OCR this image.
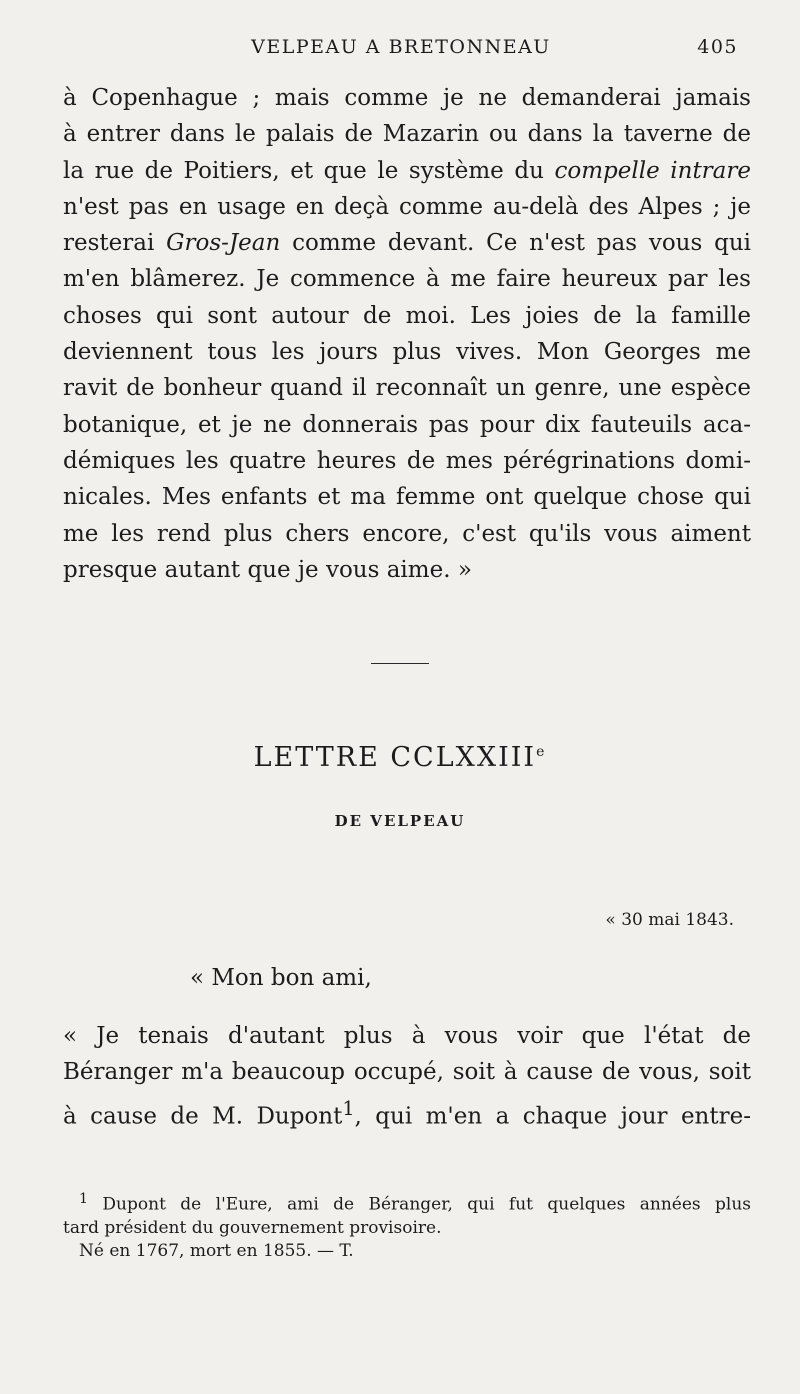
VELPEAU A BRETONNEAU	405
à Copenhague ; mais comme je ne demanderai jamais
à entrer dans le palais de Mazarin ou dans la taverne de
la rue de Poitiers, et que le système du compelle intrare
n'est pas en usage en deçà comme au-delà des Alpes ; je
resterai Gros-Jean comme devant. Ce n'est pas vous qui
m'en blâmerez. Je commence à me faire heureux par les
choses qui sont autour de moi. Les joies de la famille
deviennent tous les jours plus vives. Mon Georges me
ravit de bonheur quand il reconnaît un genre, une espèce
botanique, et je ne donnerais pas pour dix fauteuils aca-
démiques les quatre heures de mes pérégrinations domi-
nicales. Mes enfants et ma femme ont quelque chose qui
me les rend plus chers encore, c'est qu'ils vous aiment
presque autant que je vous aime. »
LETTRE CCLXXIIIe
DE VELPEAU
« 30 mai 1843.
« Mon bon ami,
« Je tenais d'autant plus à vous voir que l'état de
Béranger m'a beaucoup occupé, soit à cause de vous, soit
à cause de M. Dupont$^1$, qui m'en a chaque jour entre-
$^1$ Dupont de l'Eure, ami de Béranger, qui fut quelques années plus
tard président du gouvernement provisoire.
Né en 1767, mort en 1855. — T.
